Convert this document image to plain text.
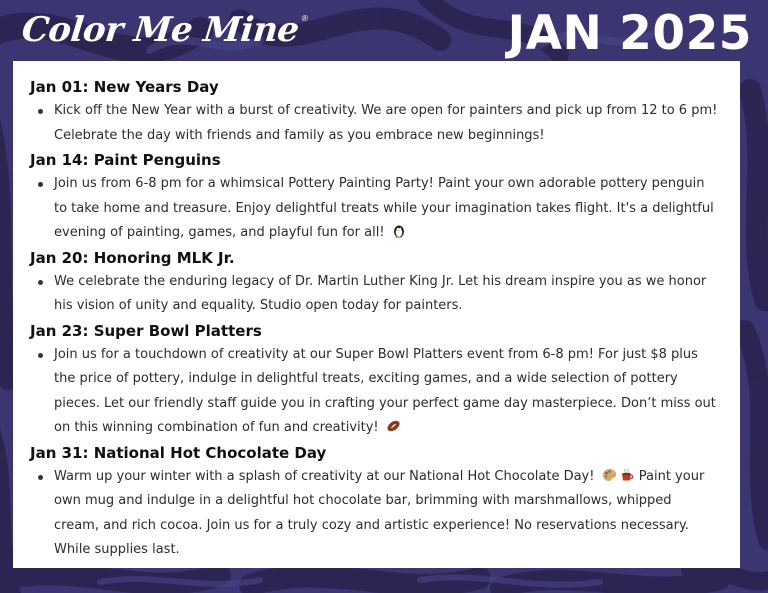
Color Me Mine®	JAN 2025
Jan 01: New Years Day

Kick off the New Year with a burst of creativity. We are open for painters and pick up from 12 to 6 pm! Celebrate the day with friends and family as you embrace new beginnings!

Jan 14: Paint Penguins

Join us from 6-8 pm for a whimsical Pottery Painting Party! Paint your own adorable pottery penguin to take home and treasure. Enjoy delightful treats while your imagination takes flight. It's a delightful evening of painting, games, and playful fun for all!

Jan 20: Honoring MLK Jr.

We celebrate the enduring legacy of Dr. Martin Luther King Jr. Let his dream inspire you as we honor his vision of unity and equality. Studio open today for painters.

Jan 23: Super Bowl Platters

Join us for a touchdown of creativity at our Super Bowl Platters event from 6-8 pm! For just $8 plus the price of pottery, indulge in delightful treats, exciting games, and a wide selection of pottery pieces. Let our friendly staff guide you in crafting your perfect game day masterpiece. Don’t miss out on this winning combination of fun and creativity!

Jan 31: National Hot Chocolate Day

Warm up your winter with a splash of creativity at our National Hot Chocolate Day!	Paint your own mug and indulge in a delightful hot chocolate bar, brimming with marshmallows, whipped cream, and rich cocoa. Join us for a truly cozy and artistic experience! No reservations necessary. While supplies last.
